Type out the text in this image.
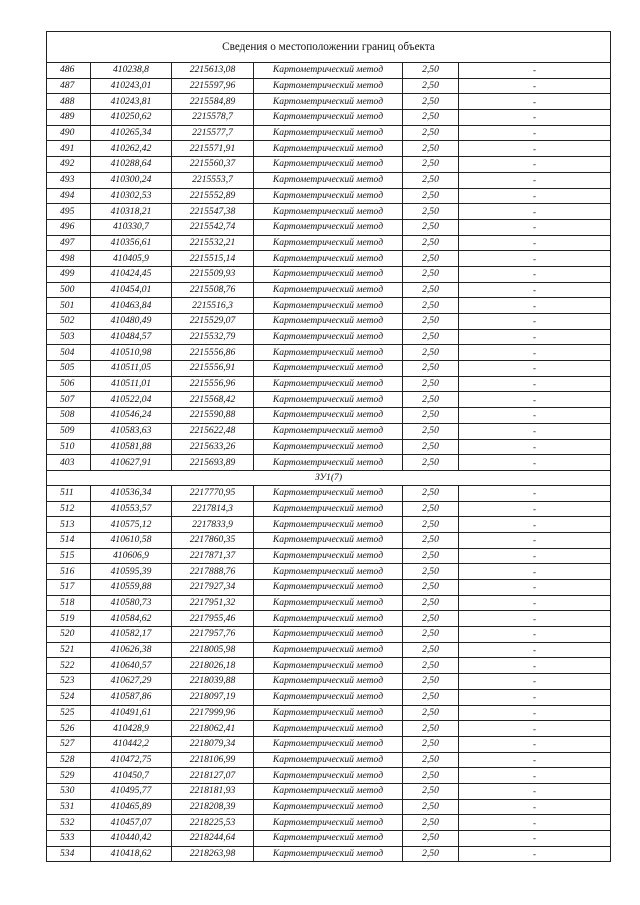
Сведения о местоположении границ объекта					
486	410238,8	2215613,08	Картометрический метод	2,50	-
487	410243,01	2215597,96	Картометрический метод	2,50	-
488	410243,81	2215584,89	Картометрический метод	2,50	-
489	410250,62	2215578,7	Картометрический метод	2,50	-
490	410265,34	2215577,7	Картометрический метод	2,50	-
491	410262,42	2215571,91	Картометрический метод	2,50	-
492	410288,64	2215560,37	Картометрический метод	2,50	-
493	410300,24	2215553,7	Картометрический метод	2,50	-
494	410302,53	2215552,89	Картометрический метод	2,50	-
495	410318,21	2215547,38	Картометрический метод	2,50	-
496	410330,7	2215542,74	Картометрический метод	2,50	-
497	410356,61	2215532,21	Картометрический метод	2,50	-
498	410405,9	2215515,14	Картометрический метод	2,50	-
499	410424,45	2215509,93	Картометрический метод	2,50	-
500	410454,01	2215508,76	Картометрический метод	2,50	-
501	410463,84	2215516,3	Картометрический метод	2,50	-
502	410480,49	2215529,07	Картометрический метод	2,50	-
503	410484,57	2215532,79	Картометрический метод	2,50	-
504	410510,98	2215556,86	Картометрический метод	2,50	-
505	410511,05	2215556,91	Картометрический метод	2,50	-
506	410511,01	2215556,96	Картометрический метод	2,50	-
507	410522,04	2215568,42	Картометрический метод	2,50	-
508	410546,24	2215590,88	Картометрический метод	2,50	-
509	410583,63	2215622,48	Картометрический метод	2,50	-
510	410581,88	2215633,26	Картометрический метод	2,50	-
403	410627,91	2215693,89	Картометрический метод	2,50	-
ЗУ1(7)					
511	410536,34	2217770,95	Картометрический метод	2,50	-
512	410553,57	2217814,3	Картометрический метод	2,50	-
513	410575,12	2217833,9	Картометрический метод	2,50	-
514	410610,58	2217860,35	Картометрический метод	2,50	-
515	410606,9	2217871,37	Картометрический метод	2,50	-
516	410595,39	2217888,76	Картометрический метод	2,50	-
517	410559,88	2217927,34	Картометрический метод	2,50	-
518	410580,73	2217951,32	Картометрический метод	2,50	-
519	410584,62	2217955,46	Картометрический метод	2,50	-
520	410582,17	2217957,76	Картометрический метод	2,50	-
521	410626,38	2218005,98	Картометрический метод	2,50	-
522	410640,57	2218026,18	Картометрический метод	2,50	-
523	410627,29	2218039,88	Картометрический метод	2,50	-
524	410587,86	2218097,19	Картометрический метод	2,50	-
525	410491,61	2217999,96	Картометрический метод	2,50	-
526	410428,9	2218062,41	Картометрический метод	2,50	-
527	410442,2	2218079,34	Картометрический метод	2,50	-
528	410472,75	2218106,99	Картометрический метод	2,50	-
529	410450,7	2218127,07	Картометрический метод	2,50	-
530	410495,77	2218181,93	Картометрический метод	2,50	-
531	410465,89	2218208,39	Картометрический метод	2,50	-
532	410457,07	2218225,53	Картометрический метод	2,50	-
533	410440,42	2218244,64	Картометрический метод	2,50	-
534	410418,62	2218263,98	Картометрический метод	2,50	-
